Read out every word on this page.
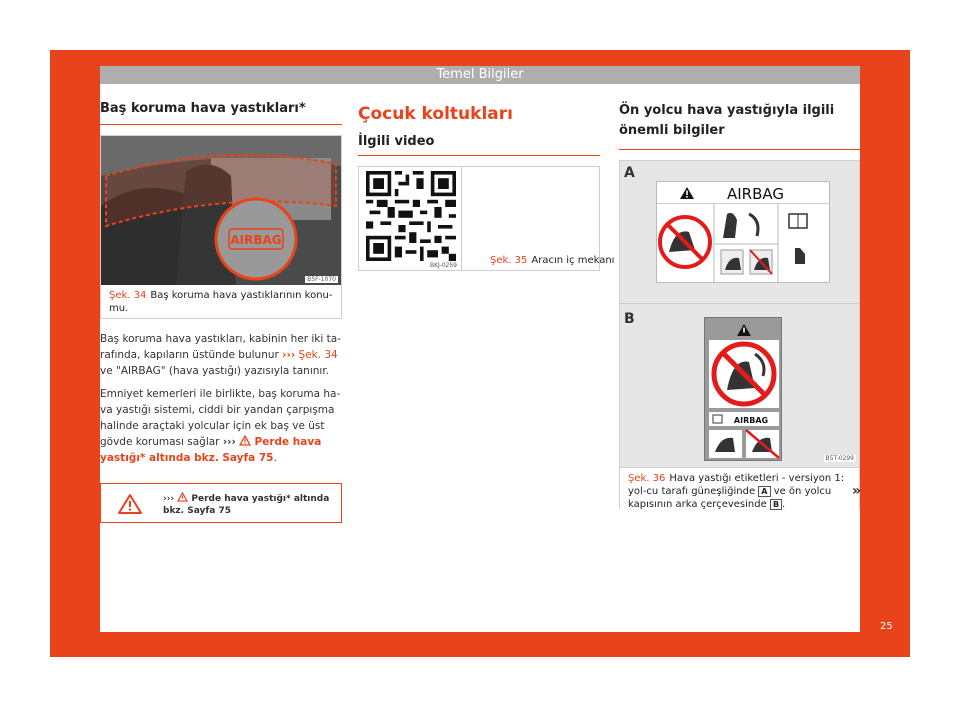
Temel Bilgiler
Baş koruma hava yastıkları*
AIRBAG
B5F-1070
Şek. 34 Baş koruma hava yastıklarının konu-mu.
Baş koruma hava yastıkları, kabinin her iki ta-rafında, kapıların üstünde bulunur ››› Şek. 34 ve "AIRBAG" (hava yastığı) yazısıyla tanınır.
Emniyet kemerleri ile birlikte, baş koruma ha-va yastığı sistemi, ciddi bir yandan çarpışma halinde araçtaki yolcular için ek baş ve üst gövde koruması sağlar ››› Perde hava yastığı* altında bkz. Sayfa 75.
››› Perde hava yastığı* altında
bkz. Sayfa 75
Çocuk koltukları
İlgili video
BKJ-0259	Şek. 35 Aracın iç mekanı
Ön yolcu hava yastığıyla ilgili
önemli bilgiler
A
AIRBAG
B
AIRBAG
B5T-0299
Şek. 36 Hava yastığı etiketleri - versiyon 1: yol-cu tarafı güneşliğinde A ve ön yolcu kapısının arka çerçevesinde B .
»
25
